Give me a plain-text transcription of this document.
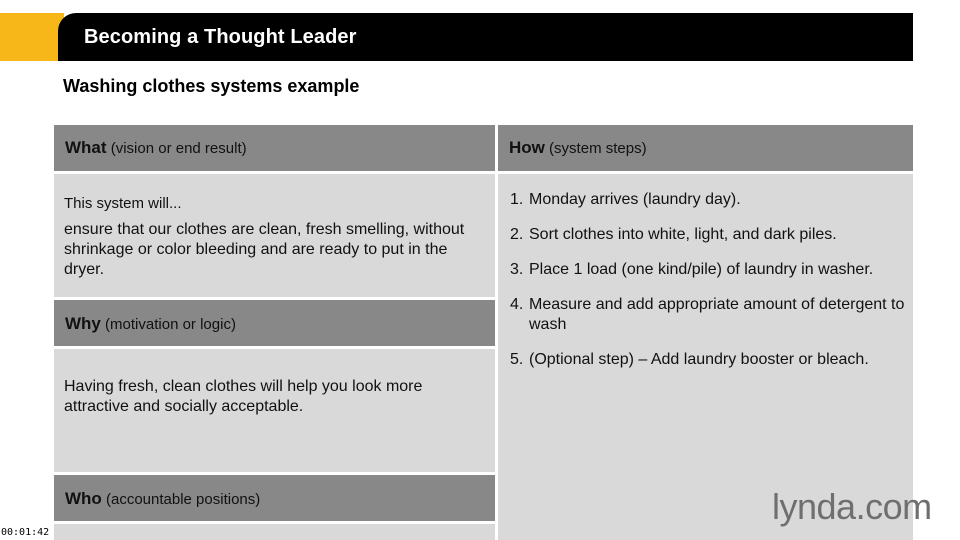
Becoming a Thought Leader
Washing clothes systems example
What (vision or end result)
This system will...
ensure that our clothes are clean, fresh smelling, without shrinkage or color bleeding and are ready to put in the dryer.
Why (motivation or logic)
Having fresh, clean clothes will help you look more attractive and socially acceptable.
Who (accountable positions)
How (system steps)
1. Monday arrives (laundry day).
2. Sort clothes into white, light, and dark piles.
3. Place 1 load (one kind/pile) of laundry in washer.
4. Measure and add appropriate amount of detergent to wash
5. (Optional step) – Add laundry booster or bleach.
lynda.com
00:01:42
